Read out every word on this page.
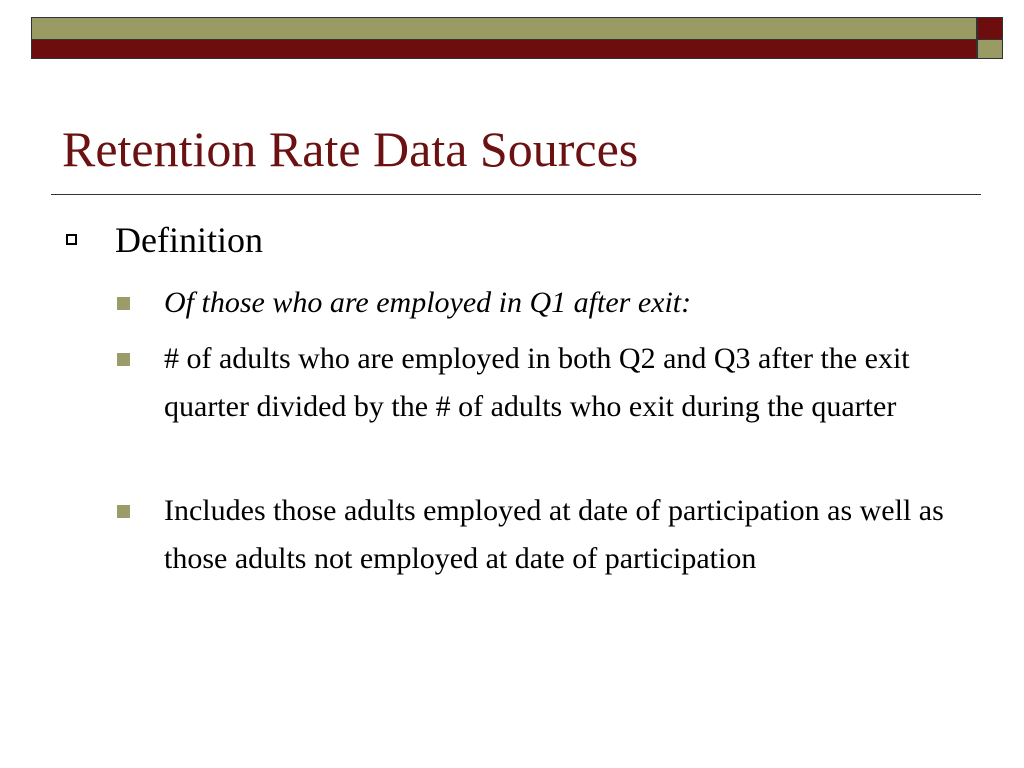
Retention Rate Data Sources
Definition
Of those who are employed in Q1 after exit:
# of adults who are employed in both Q2 and Q3 after the exit quarter divided by the # of adults who exit during the quarter
Includes those adults employed at date of participation as well as those adults not employed at date of participation
